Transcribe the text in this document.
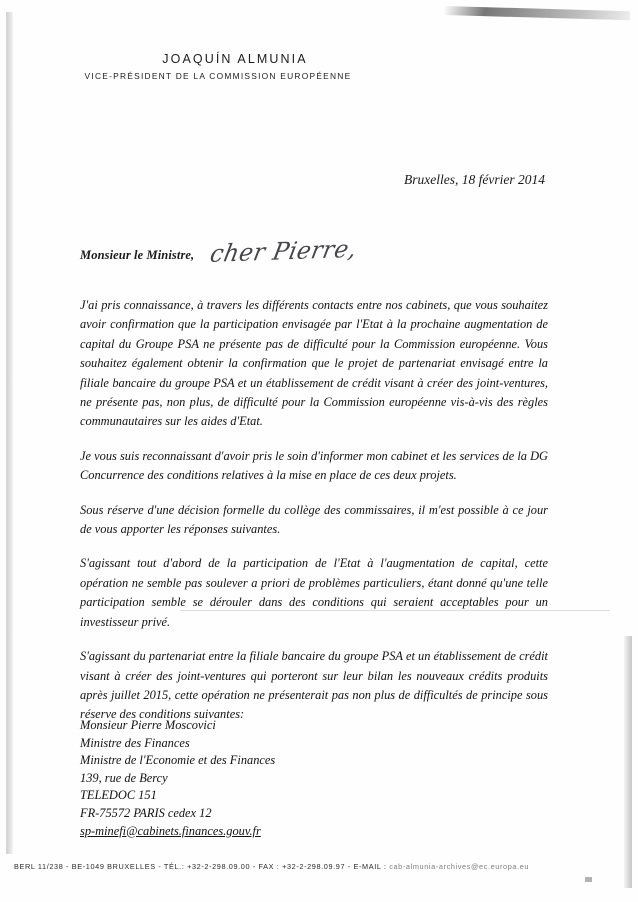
JOAQUÍN ALMUNIA
VICE-PRÉSIDENT DE LA COMMISSION EUROPÉENNE
Bruxelles, 18 février 2014
Monsieur le Ministre, cher Pierre,

J'ai pris connaissance, à travers les différents contacts entre nos cabinets, que vous souhaitez avoir confirmation que la participation envisagée par l'Etat à la prochaine augmentation de capital du Groupe PSA ne présente pas de difficulté pour la Commission européenne. Vous souhaitez également obtenir la confirmation que le projet de partenariat envisagé entre la filiale bancaire du groupe PSA et un établissement de crédit visant à créer des joint-ventures, ne présente pas, non plus, de difficulté pour la Commission européenne vis-à-vis des règles communautaires sur les aides d'Etat.

Je vous suis reconnaissant d'avoir pris le soin d'informer mon cabinet et les services de la DG Concurrence des conditions relatives à la mise en place de ces deux projets.

Sous réserve d'une décision formelle du collège des commissaires, il m'est possible à ce jour de vous apporter les réponses suivantes.

S'agissant tout d'abord de la participation de l'Etat à l'augmentation de capital, cette opération ne semble pas soulever a priori de problèmes particuliers, étant donné qu'une telle participation semble se dérouler dans des conditions qui seraient acceptables pour un investisseur privé.

S'agissant du partenariat entre la filiale bancaire du groupe PSA et un établissement de crédit visant à créer des joint-ventures qui porteront sur leur bilan les nouveaux crédits produits après juillet 2015, cette opération ne présenterait pas non plus de difficultés de principe sous réserve des conditions suivantes:

Monsieur Pierre Moscovici
Ministre des Finances
Ministre de l'Economie et des Finances
139, rue de Bercy
TELEDOC 151
FR-75572 PARIS cedex 12
sp-minefi@cabinets.finances.gouv.fr
BERL 11/238 - BE-1049 BRUXELLES - TÉL.: +32-2-298.09.00 - FAX : +32-2-298.09.97 - E-MAIL : cab-almunia-archives@ec.europa.eu
